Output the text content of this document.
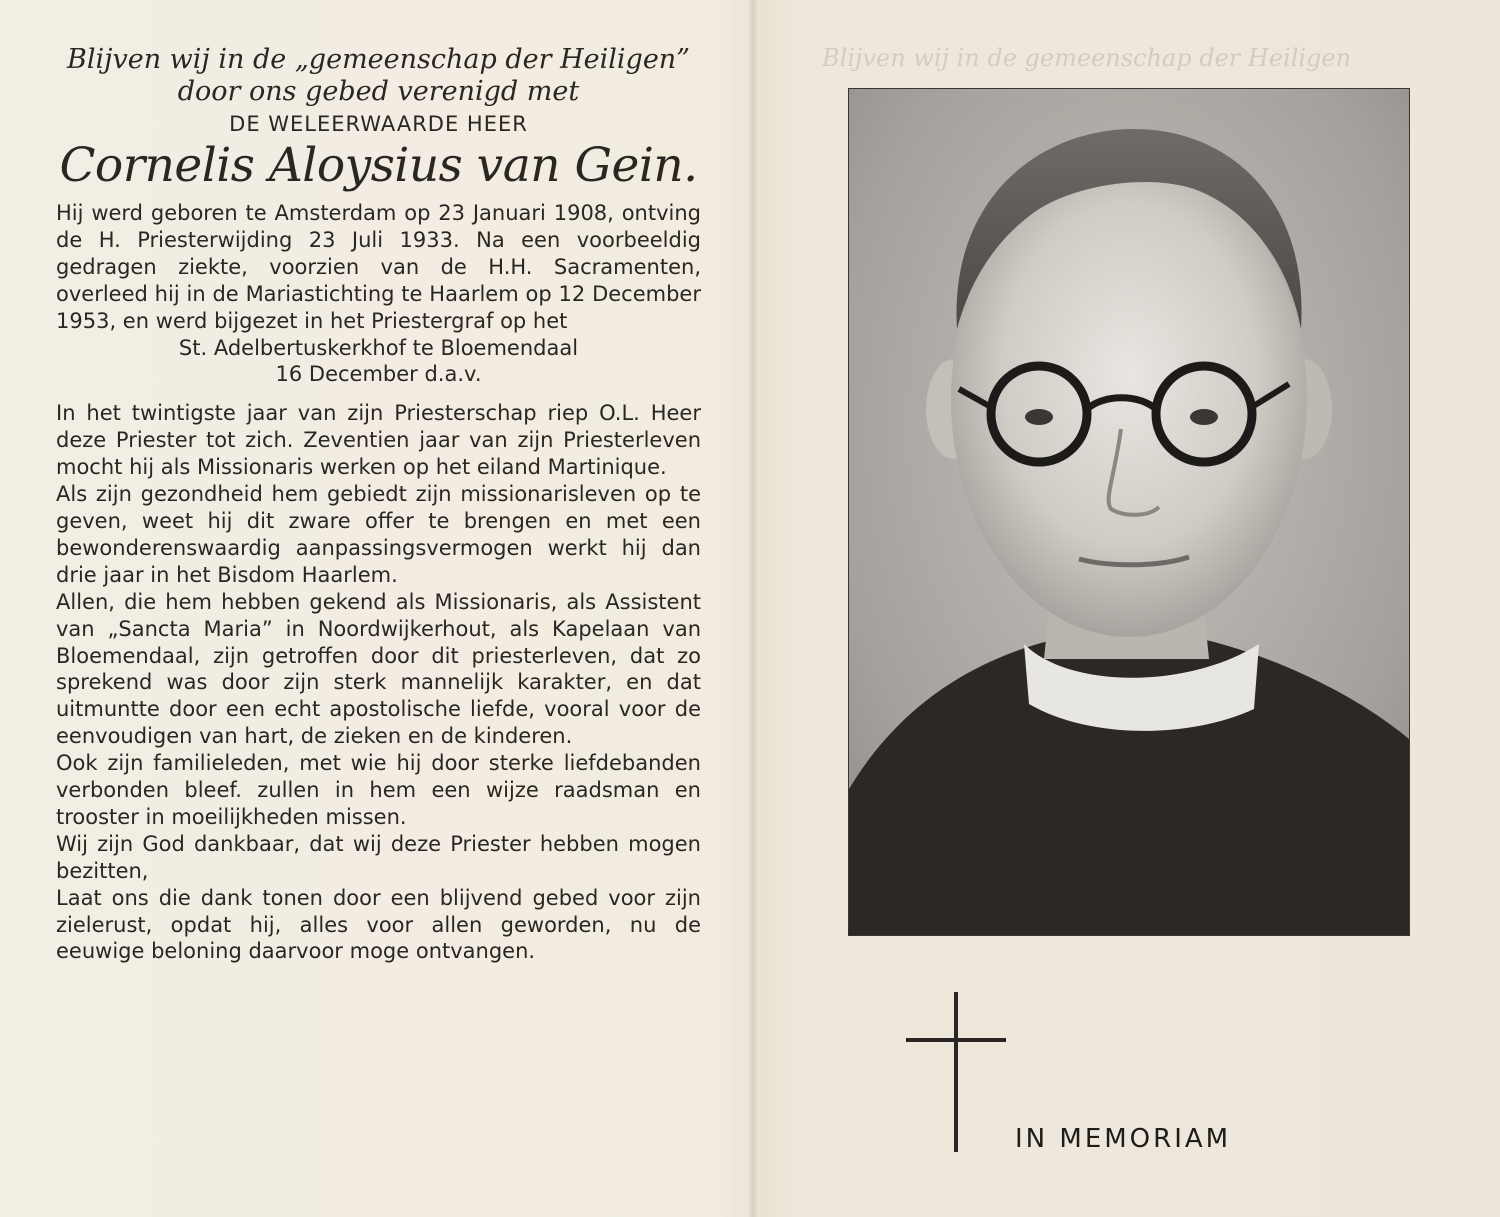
Blijven wij in de „gemeenschap der Heiligen”

door ons gebed verenigd met

DE WELEERWAARDE HEER

Cornelis Aloysius van Gein.

Hij werd geboren te Amsterdam op 23 Januari 1908, ontving de H. Priesterwijding 23 Juli 1933. Na een voorbeeldig gedragen ziekte, voorzien van de H.H. Sacramenten, overleed hij in de Mariastichting te Haarlem op 12 December 1953, en werd bijgezet in het Priestergraf op het

St. Adelbertuskerkhof te Bloemendaal

16 December d.a.v.

In het twintigste jaar van zijn Priesterschap riep O.L. Heer deze Priester tot zich. Zeventien jaar van zijn Priesterleven mocht hij als Missionaris werken op het eiland Martinique.

Als zijn gezondheid hem gebiedt zijn missionarisleven op te geven, weet hij dit zware offer te brengen en met een bewonderenswaardig aanpassingsvermogen werkt hij dan drie jaar in het Bisdom Haarlem.

Allen, die hem hebben gekend als Missionaris, als Assistent van „Sancta Maria” in Noordwijkerhout, als Kapelaan van Bloemendaal, zijn getroffen door dit priesterleven, dat zo sprekend was door zijn sterk mannelijk karakter, en dat uitmuntte door een echt apostolische liefde, vooral voor de eenvoudigen van hart, de zieken en de kinderen.

Ook zijn familieleden, met wie hij door sterke liefdebanden verbonden bleef. zullen in hem een wijze raadsman en trooster in moeilijkheden missen.

Wij zijn God dankbaar, dat wij deze Priester hebben mogen bezitten,

Laat ons die dank tonen door een blijvend gebed voor zijn zielerust, opdat hij, alles voor allen geworden, nu de eeuwige beloning daarvoor moge ontvangen.

Blijven wij in de gemeenschap der Heiligen
IN MEMORIAM
